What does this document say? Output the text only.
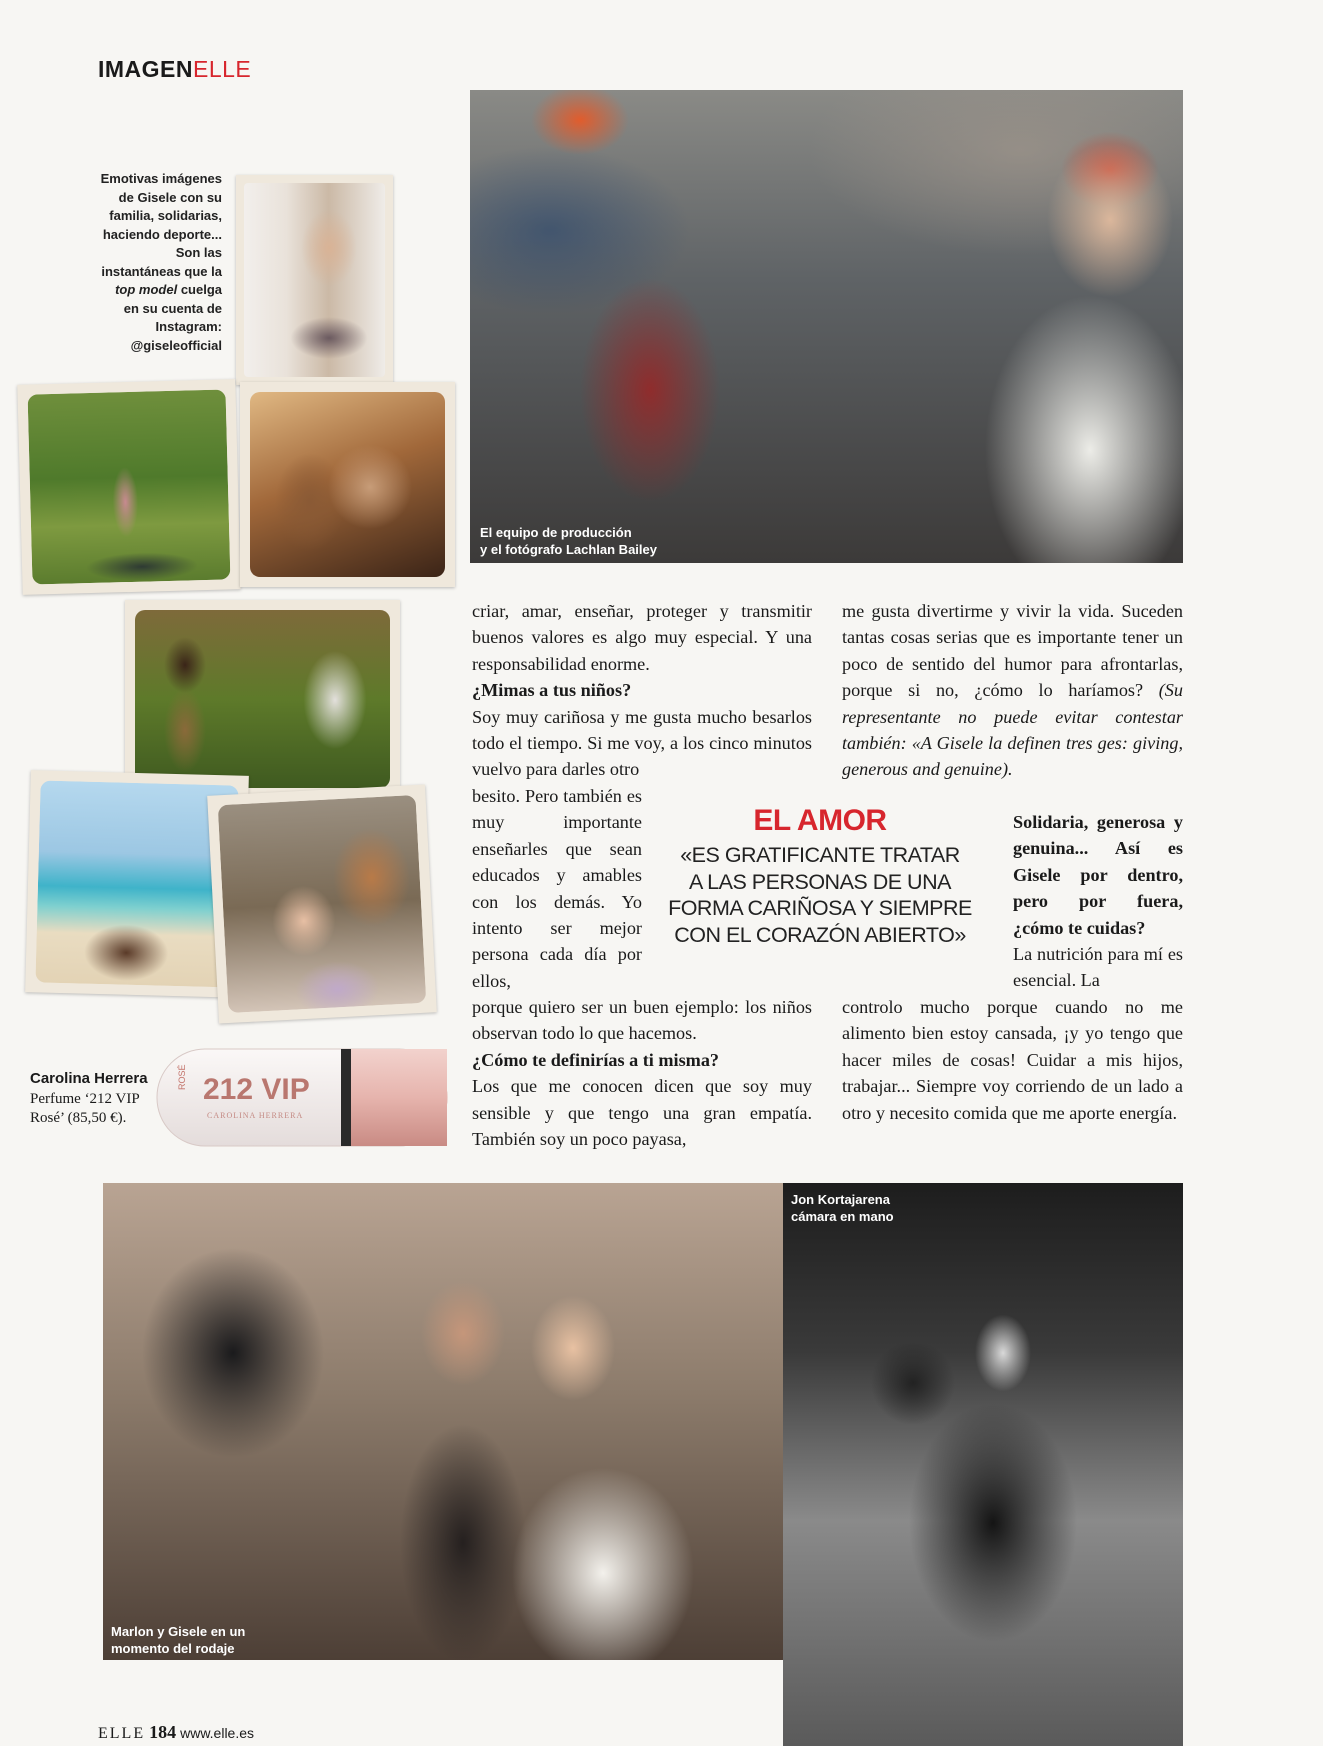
IMAGENELLE
El equipo de producción
y el fotógrafo Lachlan Bailey
Emotivas imágenes de Gisele con su familia, solidarias, haciendo deporte... Son las instantáneas que la top model cuelga en su cuenta de Instagram: @giseleofficial
ROSÉ 212 VIP
CAROLINA HERRERA
Carolina Herrera Perfume ‘212 VIP Rosé’ (85,50 €).

criar, amar, enseñar, proteger y transmitir buenos valores es algo muy especial. Y una responsabilidad enorme.

¿Mimas a tus niños?

Soy muy cariñosa y me gusta mucho besarlos todo el tiempo. Si me voy, a los cinco minutos vuelvo para darles otro

besito. Pero también es muy importante enseñarles que sean educados y amables con los demás. Yo intento ser mejor persona cada día por ellos,

porque quiero ser un buen ejemplo: los niños observan todo lo que hacemos.

¿Cómo te definirías a ti misma?

Los que me conocen dicen que soy muy sensible y que tengo una gran empatía. También soy un poco payasa,

me gusta divertirme y vivir la vida. Suceden tantas cosas serias que es importante tener un poco de sentido del humor para afrontarlas, porque si no, ¿cómo lo haríamos? (Su representante no puede evitar contestar también: «A Gisele la definen tres ges: giving, generous and genuine).

Solidaria, generosa y genuina... Así es Gisele por dentro, pero por fuera, ¿cómo te cuidas?

La nutrición para mí es esencial. La

controlo mucho porque cuando no me alimento bien estoy cansada, ¡y yo tengo que hacer miles de cosas! Cuidar a mis hijos, trabajar... Siempre voy corriendo de un lado a otro y necesito comida que me aporte energía.

EL AMOR
«ES GRATIFICANTE TRATAR
A LAS PERSONAS DE UNA
FORMA CARIÑOSA Y SIEMPRE
CON EL CORAZÓN ABIERTO»
Marlon y Gisele en un
momento del rodaje
Jon Kortajarena
cámara en mano
ELLE 184 www.elle.es
